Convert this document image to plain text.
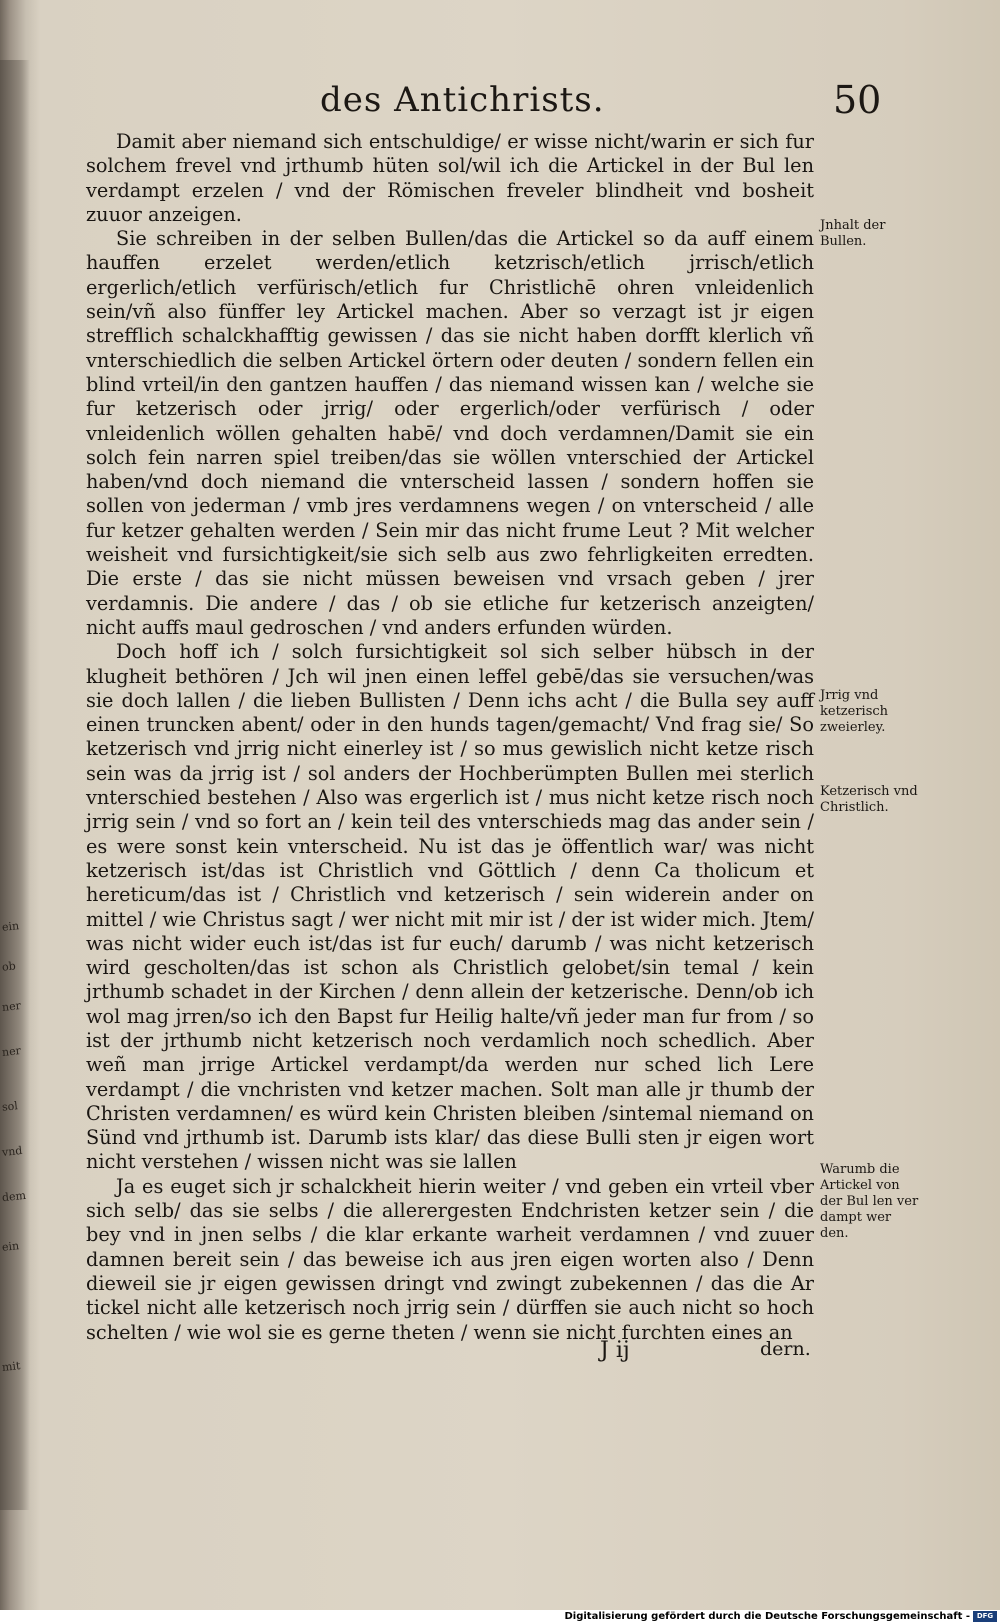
ein
ob
ner
ner
sol
vnd
dem
ein
mit
des Antichrists.	50

Damit aber niemand sich entschuldige/ er wisse nicht/warin er sich fur solchem frevel vnd jrthumb hüten sol/wil ich die Artickel in der Bul len verdampt erzelen / vnd der Römischen freveler blindheit vnd bosheit zuuor anzeigen.

Sie schreiben in der selben Bullen/das die Artickel so da auff einem hauffen erzelet werden/etlich ketzrisch/etlich jrrisch/etlich ergerlich/etlich verfürisch/etlich fur Christlichē ohren vnleidenlich sein/vñ also fünffer ley Artickel machen. Aber so verzagt ist jr eigen strefflich schalckhafftig gewissen / das sie nicht haben dorfft klerlich vñ vnterschiedlich die selben Artickel örtern oder deuten / sondern fellen ein blind vrteil/in den gantzen hauffen / das niemand wissen kan / welche sie fur ketzerisch oder jrrig/ oder ergerlich/oder verfürisch / oder vnleidenlich wöllen gehalten habē/ vnd doch verdamnen/Damit sie ein solch fein narren spiel treiben/das sie wöllen vnterschied der Artickel haben/vnd doch niemand die vnterscheid lassen / sondern hoffen sie sollen von jederman / vmb jres verdamnens wegen / on vnterscheid / alle fur ketzer gehalten werden / Sein mir das nicht frume Leut ? Mit welcher weisheit vnd fursichtigkeit/sie sich selb aus zwo fehrligkeiten erredten. Die erste / das sie nicht müssen beweisen vnd vrsach geben / jrer verdamnis. Die andere / das / ob sie etliche fur ketzerisch anzeigten/ nicht auffs maul gedroschen / vnd anders erfunden würden.

Doch hoff ich / solch fursichtigkeit sol sich selber hübsch in der klugheit bethören / Jch wil jnen einen leffel gebē/das sie versuchen/was sie doch lallen / die lieben Bullisten / Denn ichs acht / die Bulla sey auff einen truncken abent/ oder in den hunds tagen/gemacht/ Vnd frag sie/ So ketzerisch vnd jrrig nicht einerley ist / so mus gewislich nicht ketze risch sein was da jrrig ist / sol anders der Hochberümpten Bullen mei sterlich vnterschied bestehen / Also was ergerlich ist / mus nicht ketze risch noch jrrig sein / vnd so fort an / kein teil des vnterschieds mag das ander sein / es were sonst kein vnterscheid. Nu ist das je öffentlich war/ was nicht ketzerisch ist/das ist Christlich vnd Göttlich / denn Ca tholicum et hereticum/das ist / Christlich vnd ketzerisch / sein widerein ander on mittel / wie Christus sagt / wer nicht mit mir ist / der ist wider mich. Jtem/ was nicht wider euch ist/das ist fur euch/ darumb / was nicht ketzerisch wird gescholten/das ist schon als Christlich gelobet/sin temal / kein jrthumb schadet in der Kirchen / denn allein der ketzerische. Denn/ob ich wol mag jrren/so ich den Bapst fur Heilig halte/vñ jeder man fur from / so ist der jrthumb nicht ketzerisch noch verdamlich noch schedlich. Aber weñ man jrrige Artickel verdampt/da werden nur sched lich Lere verdampt / die vnchristen vnd ketzer machen. Solt man alle jr thumb der Christen verdamnen/ es würd kein Christen bleiben /sintemal niemand on Sünd vnd jrthumb ist. Darumb ists klar/ das diese Bulli sten jr eigen wort nicht verstehen / wissen nicht was sie lallen

Ja es euget sich jr schalckheit hierin weiter / vnd geben ein vrteil vber sich selb/ das sie selbs / die allerergesten Endchristen ketzer sein / die bey vnd in jnen selbs / die klar erkante warheit verdamnen / vnd zuuer damnen bereit sein / das beweise ich aus jren eigen worten also / Denn dieweil sie jr eigen gewissen dringt vnd zwingt zubekennen / das die Ar tickel nicht alle ketzerisch noch jrrig sein / dürffen sie auch nicht so hoch schelten / wie wol sie es gerne theten / wenn sie nicht furchten eines an

Jnhalt der Bullen.
Jrrig vnd ketzerisch zweierley.
Ketzerisch vnd Christlich.
Warumb die Artickel von der Bul len ver dampt wer den.
J ij	dern.
Digitalisierung gefördert durch die Deutsche Forschungsgemeinschaft - DFG
